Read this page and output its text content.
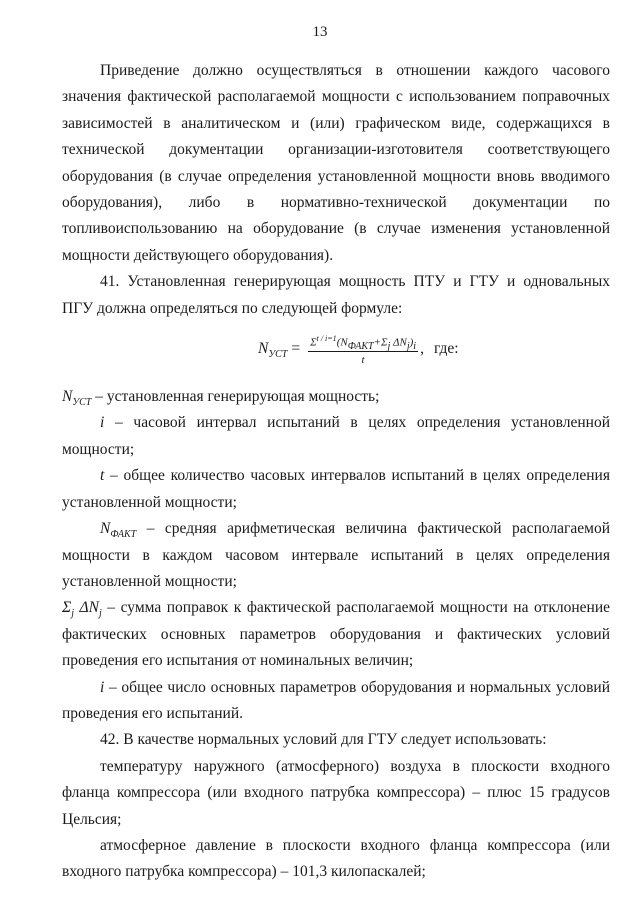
13

Приведение должно осуществляться в отношении каждого часового значения фактической располагаемой мощности с использованием поправочных зависимостей в аналитическом и (или) графическом виде, содержащихся в технической документации организации-изготовителя соответствующего оборудования (в случае определения установленной мощности вновь вводимого оборудования), либо в нормативно-технической документации по топливоиспользованию на оборудование (в случае изменения установленной мощности действующего оборудования).

41. Установленная генерирующая мощность ПТУ и ГТУ и одновальных ПГУ должна определяться по следующей формуле:

$N_{УСТ} = \frac{\Sigma^{t / i=1}(N_{ФАКТ}+\Sigma_j \Delta N_j)_i}{t}$ , где:

$N_{УСТ}$ – установленная генерирующая мощность;

i – часовой интервал испытаний в целях определения установленной мощности;

t – общее количество часовых интервалов испытаний в целях определения установленной мощности;

$N_{ФАКТ}$ – средняя арифметическая величина фактической располагаемой мощности в каждом часовом интервале испытаний в целях определения установленной мощности;

$\Sigma_j$ $\Delta N_j$ – сумма поправок к фактической располагаемой мощности на отклонение фактических основных параметров оборудования и фактических условий проведения его испытания от номинальных величин;

i – общее число основных параметров оборудования и нормальных условий проведения его испытаний.

42. В качестве нормальных условий для ГТУ следует использовать:

температуру наружного (атмосферного) воздуха в плоскости входного фланца компрессора (или входного патрубка компрессора) – плюс 15 градусов Цельсия;

атмосферное давление в плоскости входного фланца компрессора (или входного патрубка компрессора) – 101,3 килопаскалей;
